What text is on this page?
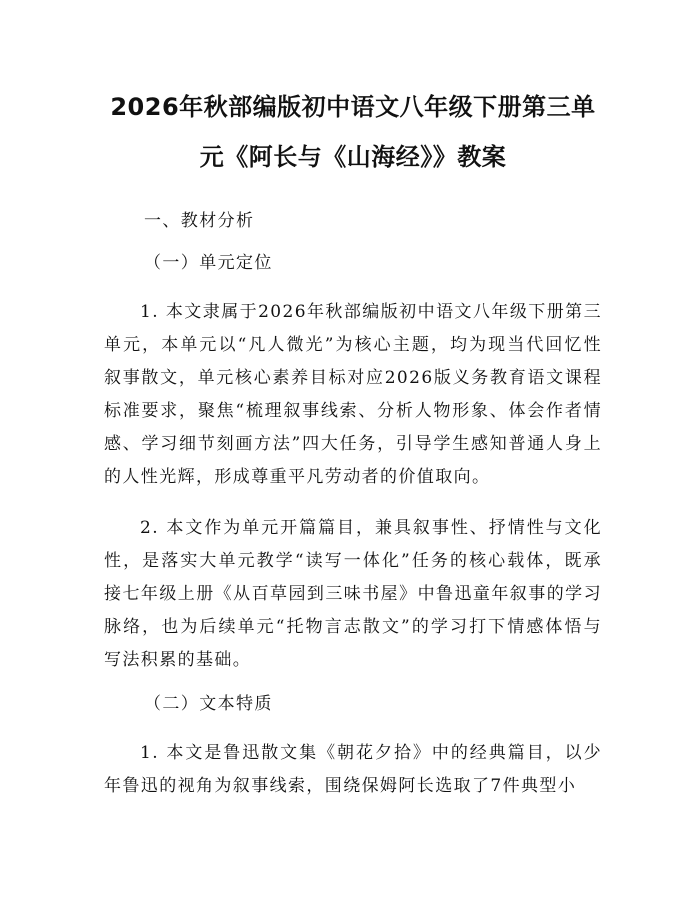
2026年秋部编版初中语文八年级下册第三单
元《阿长与《山海经》》教案

一、教材分析

（一）单元定位

1. 本文隶属于2026年秋部编版初中语文八年级下册第三单元，本单元以“凡人微光”为核心主题，均为现当代回忆性叙事散文，单元核心素养目标对应2026版义务教育语文课程标准要求，聚焦“梳理叙事线索、分析人物形象、体会作者情感、学习细节刻画方法”四大任务，引导学生感知普通人身上的人性光辉，形成尊重平凡劳动者的价值取向。

2. 本文作为单元开篇篇目，兼具叙事性、抒情性与文化性，是落实大单元教学“读写一体化”任务的核心载体，既承接七年级上册《从百草园到三味书屋》中鲁迅童年叙事的学习脉络，也为后续单元“托物言志散文”的学习打下情感体悟与写法积累的基础。

（二）文本特质

1. 本文是鲁迅散文集《朝花夕拾》中的经典篇目，以少年鲁迅的视角为叙事线索，围绕保姆阿长选取了7件典型小
